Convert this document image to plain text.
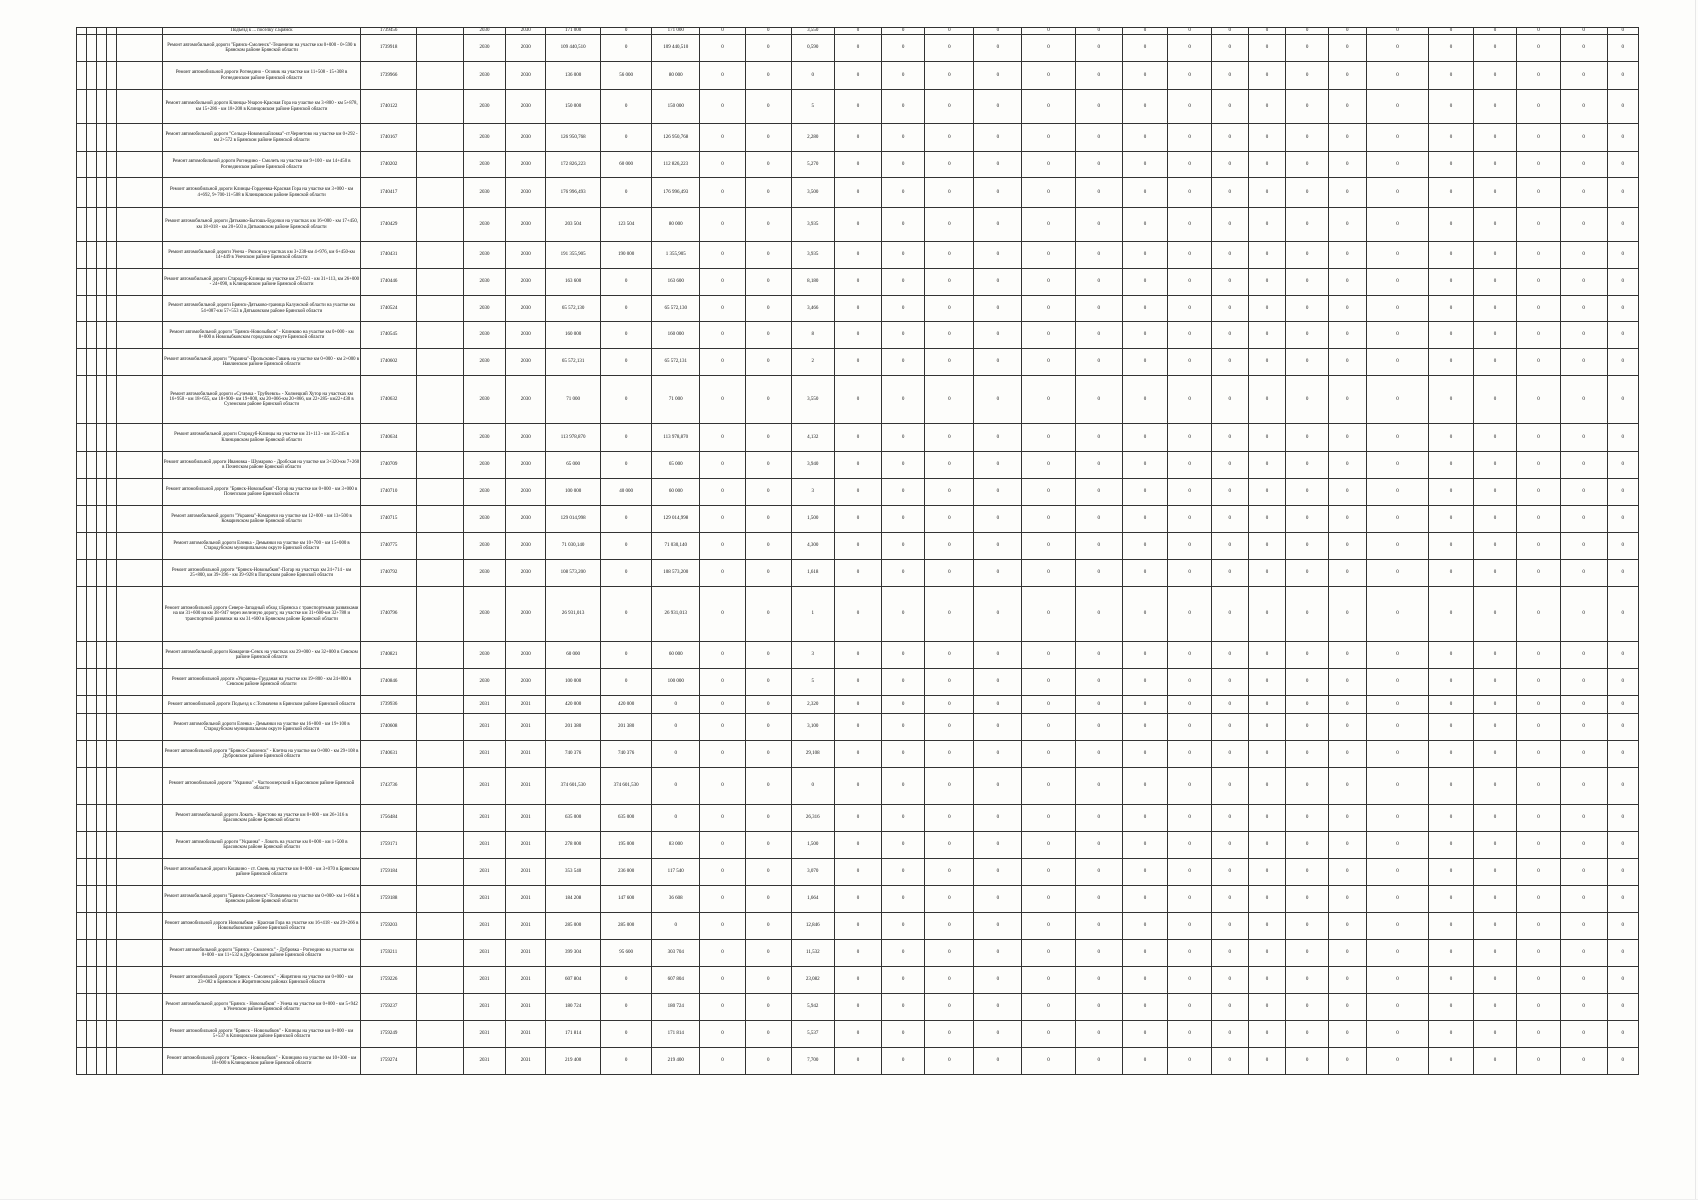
					Подъезд к ... поселку с.Брянск	1739456		2030	2030	171 000	0	171 000	0	0	3,550	0	0	0	0	0	0	0	0	0	0	0	0	0	0	0	0	0	0
					Ремонт автомобильной дороги "Брянск-Смоленск"-Тешеничи на участке км 0+000 - 0+590 в Брянском районе Брянской области	1739918		2030	2030	109 440,510	0	109 440,510	0	0	0,590	0	0	0	0	0	0	0	0	0	0	0	0	0	0	0	0	0	0
					Ремонт автомобильной дороги Рогнедино - Осовик на участке км 11+508 - 15+308 в Рогнединском районе Брянской области	1739966		2030	2030	136 000	56 000	80 000	0	0	0	0	0	0	0	0	0	0	0	0	0	0	0	0	0	0	0	0	0
					Ремонт автомобильной дороги Клинцы-Унароч-Красная Гора на участке км 3+800 - км 5+878, км 15+286 - км 18+208 в Клинцовском районе Брянской области	1740122		2030	2030	150 000	0	150 000	0	0	5	0	0	0	0	0	0	0	0	0	0	0	0	0	0	0	0	0	0
					Ремонт автомобильной дороги "Сельцо-Новомихайловка"-ст.Чернетово на участке км 0+292 - км 2+572 в Брянском районе Брянской области	1740167		2030	2030	126 950,768	0	126 950,768	0	0	2,280	0	0	0	0	0	0	0	0	0	0	0	0	0	0	0	0	0	0
					Ремонт автомобильной дороги Рогнедино - Смолеть на участке км 9+100 - км 14+450 в Рогнединском районе Брянской области	1740202		2030	2030	172 826,223	60 000	112 826,223	0	0	5,270	0	0	0	0	0	0	0	0	0	0	0	0	0	0	0	0	0	0
					Ремонт автомобильной дороги Клинцы-Гордеевка-Красная Гора на участке км 3+000 - км 4+692, 9+700-11+508 в Клинцовском районе Брянской области	1740417		2030	2030	176 996,493	0	176 996,493	0	0	3,500	0	0	0	0	0	0	0	0	0	0	0	0	0	0	0	0	0	0
					Ремонт автомобильной дороги Дятьково-Бытошь-Будочки на участках км 16+000 - км 17+450, км 18+018 - км 20+503 в Дятьковском районе Брянской области	1740429		2030	2030	203 504	123 504	80 000	0	0	3,935	0	0	0	0	0	0	0	0	0	0	0	0	0	0	0	0	0	0
					Ремонт автомобильной дороги Унеча - Рюхов на участках км 3+238-км 4+976, км 6+450-км 14+449 в Унечском районе Брянской области	1740431		2030	2030	191 355,905	190 000	1 355,905	0	0	3,935	0	0	0	0	0	0	0	0	0	0	0	0	0	0	0	0	0	0
					Ремонт автомобильной дороги Стародуб-Клинцы на участке км 27+023 - км 31+113, км 26+000 - 24+090, в Клинцовском районе Брянской области	1740446		2030	2030	163 600	0	163 600	0	0	8,180	0	0	0	0	0	0	0	0	0	0	0	0	0	0	0	0	0	0
					Ремонт автомобильной дороги Брянск-Дятьково-граница Калужской области на участке км 54+087-км 57+553 в Дятьковском районе Брянской области	1740524		2030	2030	65 572,130	0	65 572,130	0	0	3,466	0	0	0	0	0	0	0	0	0	0	0	0	0	0	0	0	0	0
					Ремонт автомобильной дороги "Брянск-Новозыбков" - Клинково на участке км 0+000 - км 8+000 в Новозыбковском городском округе Брянской области	1740545		2030	2030	160 000	0	160 000	0	0	8	0	0	0	0	0	0	0	0	0	0	0	0	0	0	0	0	0	0
					Ремонт автомобильной дороги "Украина"-Прольсково-Гавань на участке км 0+000 - км 2+000 в Навлинском районе Брянской области	1740602		2030	2030	65 572,131	0	65 572,131	0	0	2	0	0	0	0	0	0	0	0	0	0	0	0	0	0	0	0	0	0
					Ремонт автомобильной дороги «Суземка - Трубчевск» - Холмецкий Хутор на участках км 16+950 - км 18+655, км 18+900- км 19+800, км 20+066-км 20+866, км 22+285- км22+430 в Суземском районе Брянской области	1740632		2030	2030	71 000	0	71 000	0	0	3,550	0	0	0	0	0	0	0	0	0	0	0	0	0	0	0	0	0	0
					Ремонт автомобильной дороги Стародуб-Клинцы на участке км 31+113 - км 35+245 в Клинцовском районе Брянской области	1740634		2030	2030	113 978,870	0	113 978,870	0	0	4,132	0	0	0	0	0	0	0	0	0	0	0	0	0	0	0	0	0	0
					Ремонт автомобильной дороги Ивановка - Шумарово - Дробская на участке км 3+320-км 7+260 в Почепском районе Брянской области	1740709		2030	2030	65 000	0	65 000	0	0	3,940	0	0	0	0	0	0	0	0	0	0	0	0	0	0	0	0	0	0
					Ремонт автомобильной дороги "Брянск-Новозыбков"-Погар на участке км 0+000 - км 3+000 в Почепском районе Брянской области	1740710		2030	2030	100 000	40 000	60 000	0	0	3	0	0	0	0	0	0	0	0	0	0	0	0	0	0	0	0	0	0
					Ремонт автомобильной дороги "Украина"-Комаричи на участке км 12+000 - км 13+500 в Комаричском районе Брянской области	1740715		2030	2030	129 014,998	0	129 014,998	0	0	1,500	0	0	0	0	0	0	0	0	0	0	0	0	0	0	0	0	0	0
					Ремонт автомобильной дороги Еленка - Демьянки на участке км 10+700 - км 15+000 в Стародубском муниципальном округе Брянской области	1740775		2030	2030	71 030,140	0	71 030,140	0	0	4,300	0	0	0	0	0	0	0	0	0	0	0	0	0	0	0	0	0	0
					Ремонт автомобильной дороги "Брянск-Новозыбков"-Погар на участках км 24+714 - км 25+800, км 39+396 - км 39+928 в Погарском районе Брянской области	1740792		2030	2030	108 573,200	0	108 573,200	0	0	1,618	0	0	0	0	0	0	0	0	0	0	0	0	0	0	0	0	0	0
					Ремонт автомобильной дороги Северо-Западный обход г.Брянска с транспортными развязками на км 31+600 на км 38+947 через железную дорогу, на участке км 31+600-км 32+788 и транспортной развязки на км 31+600 в Брянском районе Брянской области	1740796		2030	2030	26 931,013	0	26 931,013	0	0	1	0	0	0	0	0	0	0	0	0	0	0	0	0	0	0	0	0	0
					Ремонт автомобильной дороги Комаричи-Севск на участках км 29+000 - км 32+000 в Севском районе Брянской области	1740821		2030	2030	60 000	0	60 000	0	0	3	0	0	0	0	0	0	0	0	0	0	0	0	0	0	0	0	0	0
					Ремонт автомобильной дороги «Украина»-Груданая на участке км 19+800 - км 24+800 в Севском районе Брянской области	1740846		2030	2030	100 000	0	100 000	0	0	5	0	0	0	0	0	0	0	0	0	0	0	0	0	0	0	0	0	0
					Ремонт автомобильной дороги Подъезд к с.Толмачево в Брянском районе Брянской области	1739936		2031	2031	420 000	420 000	0	0	0	2,320	0	0	0	0	0	0	0	0	0	0	0	0	0	0	0	0	0	0
					Ремонт автомобильной дороги Еленка - Демьянки на участке км 16+000 - км 19+100 в Стародубском муниципальном округе Брянской области	1740608		2031	2031	201 380	201 380	0	0	0	3,100	0	0	0	0	0	0	0	0	0	0	0	0	0	0	0	0	0	0
					Ремонт автомобильной дороги "Брянск-Смоленск" - Клетна на участке км 0+000 - км 29+108 в Дубровском районе Брянской области	1740631		2031	2031	740 376	740 376	0	0	0	29,108	0	0	0	0	0	0	0	0	0	0	0	0	0	0	0	0	0	0
					Ремонт автомобильной дороги "Украина" - Частооозерский в Брасовском районе Брянской области	1743736		2031	2031	374 601,530	374 601,530	0	0	0	0	0	0	0	0	0	0	0	0	0	0	0	0	0	0	0	0	0	0
					Ремонт автомобильной дороги Локоть - Крестово на участке км 0+000 - км 26+316 в Брасовском районе Брянской области	1756484		2031	2031	635 000	635 000	0	0	0	26,316	0	0	0	0	0	0	0	0	0	0	0	0	0	0	0	0	0	0
					Ремонт автомобильной дороги "Украина" - Локоть на участке км 0+000 - км 1+500 в Брасовском районе Брянской области	1759171		2031	2031	278 000	195 000	83 000	0	0	1,500	0	0	0	0	0	0	0	0	0	0	0	0	0	0	0	0	0	0
					Ремонт автомобильной дороги Кошкино - ст. Свень на участке км 0+000 - км 3+070 в Брянском районе Брянской области	1759184		2031	2031	353 540	236 000	117 540	0	0	3,070	0	0	0	0	0	0	0	0	0	0	0	0	0	0	0	0	0	0
					Ремонт автомобильной дороги "Брянск-Смоленск"-Толмачево на участке км 0+000- км 1+664 в Брянском районе Брянской области	1759188		2031	2031	184 208	147 600	36 608	0	0	1,664	0	0	0	0	0	0	0	0	0	0	0	0	0	0	0	0	0	0
					Ремонт автомобильной дороги Новозыбков - Красная Гора на участке км 16+418 - км 29+266 в Новозыбковском районе Брянской области	1759203		2031	2031	285 000	285 000	0	0	0	12,846	0	0	0	0	0	0	0	0	0	0	0	0	0	0	0	0	0	0
					Ремонт автомобильной дороги "Брянск - Смоленск" - Дубровка - Рогнедино на участке км 0+000 - км 11+532 в Дубровском районе Брянской области	1759211		2031	2031	399 304	95 600	303 704	0	0	11,532	0	0	0	0	0	0	0	0	0	0	0	0	0	0	0	0	0	0
					Ремонт автомобильной дороги "Брянск - Смоленск" - Жирятино на участке км 0+000 - км 23+082 в Брянском и Жирятинском районах Брянской области	1759226		2031	2031	607 804	0	607 804	0	0	23,082	0	0	0	0	0	0	0	0	0	0	0	0	0	0	0	0	0	0
					Ремонт автомобильной дороги "Брянск - Новозыбков" - Унеча на участке км 0+000 - км 5+942 в Унечском районе Брянской области	1759237		2031	2031	180 724	0	180 724	0	0	5,942	0	0	0	0	0	0	0	0	0	0	0	0	0	0	0	0	0	0
					Ремонт автомобильной дороги "Брянск - Новозыбков" - Клинцы на участке км 0+000 - км 5+537 в Клинцовском районе Брянской области	1759249		2031	2031	171 814	0	171 814	0	0	5,537	0	0	0	0	0	0	0	0	0	0	0	0	0	0	0	0	0	0
					Ремонт автомобильной дороги "Брянск - Новозыбков" - Клинцово на участке км 10+300 - км 18+000 в Клинцовском районе Брянской области	1759274		2031	2031	219 400	0	219 400	0	0	7,700	0	0	0	0	0	0	0	0	0	0	0	0	0	0	0	0	0	0
